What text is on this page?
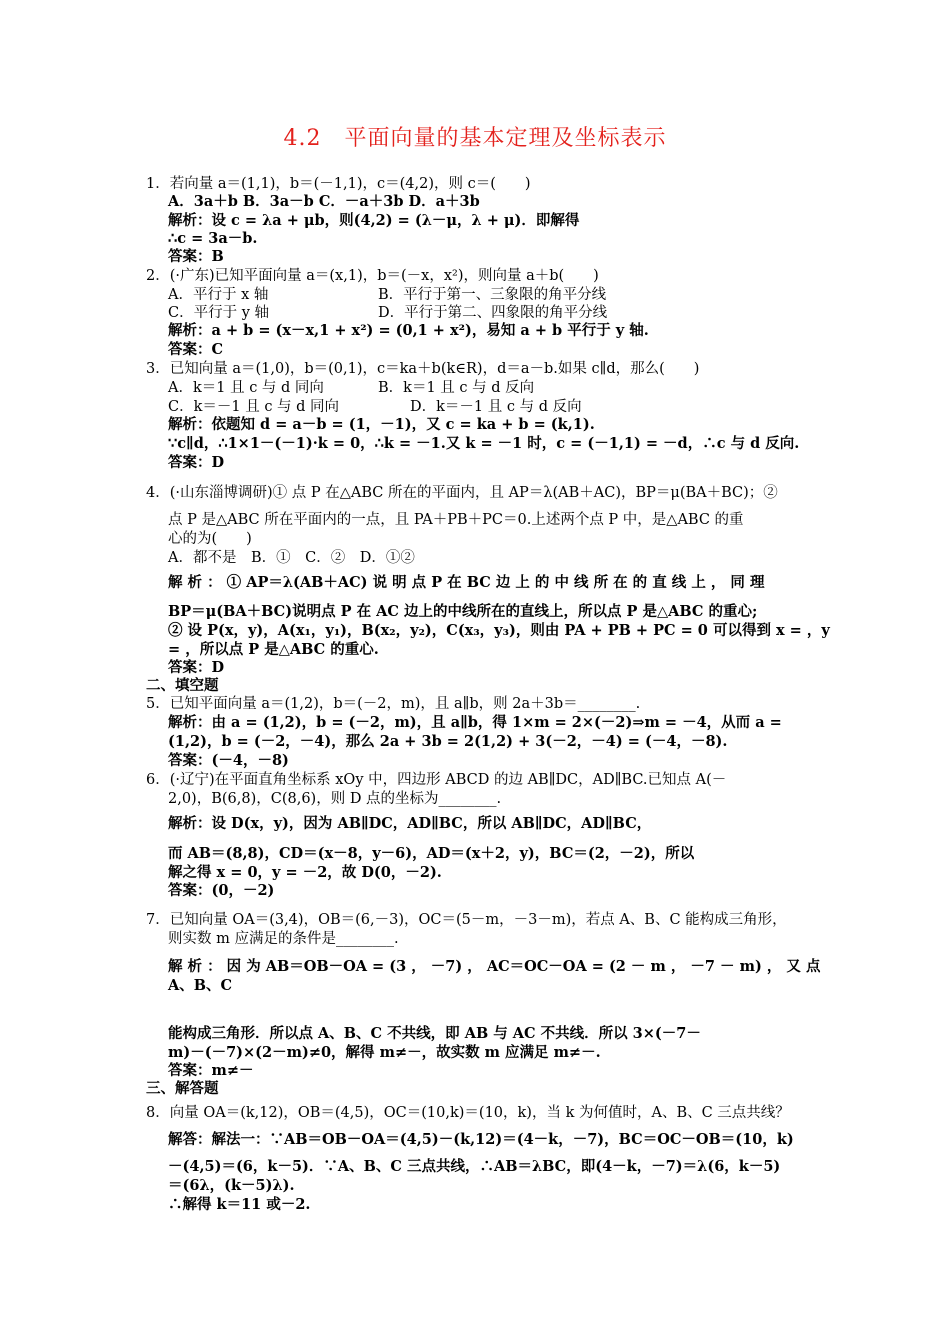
4.2　平面向量的基本定理及坐标表示
1．若向量 a＝(1,1)，b＝(－1,1)，c＝(4,2)，则 c＝(　　)
A．3a＋b B．3a－b C．－a＋3b D．a＋3b
解析：设 c = λa + μb，则(4,2) = (λ－μ，λ + μ)．即解得
∴c = 3a－b.
答案：B
2．(·广东)已知平面向量 a＝(x,1)，b＝(－x，x²)，则向量 a＋b(　　)
A．平行于 x 轴	B．平行于第一、三象限的角平分线
C．平行于 y 轴	D．平行于第二、四象限的角平分线
解析：a + b = (x－x,1 + x²) = (0,1 + x²)，易知 a + b 平行于 y 轴.
答案：C
3．已知向量 a＝(1,0)，b＝(0,1)，c＝ka＋b(k∈R)，d＝a－b.如果 c∥d，那么(　　)
A．k＝1 且 c 与 d 同向	B．k＝1 且 c 与 d 反向
C．k＝－1 且 c 与 d 同向	D．k＝－1 且 c 与 d 反向
解析：依题知 d = a－b = (1，－1)，又 c = ka + b = (k,1).
∵c∥d，∴1×1－(－1)·k = 0，∴k = －1.又 k = －1 时，c = (－1,1) = －d，∴c 与 d 反向.
答案：D
4．(·山东淄博调研)① 点 P 在△ABC 所在的平面内，且 AP＝λ(AB＋AC)，BP＝μ(BA＋BC)；②
点 P 是△ABC 所在平面内的一点，且 PA＋PB＋PC＝0.上述两个点 P 中，是△ABC 的重
心的为(　　)
A．都不是　B．①　C．②　D．①②
解 析 ： ① AP＝λ(AB＋AC) 说 明 点 P 在 BC 边 上 的 中 线 所 在 的 直 线 上 ， 同 理
BP＝μ(BA＋BC)说明点 P 在 AC 边上的中线所在的直线上，所以点 P 是△ABC 的重心;
② 设 P(x，y)，A(x₁，y₁)，B(x₂，y₂)，C(x₃，y₃)，则由 PA + PB + PC = 0 可以得到 x = ，y
= ，所以点 P 是△ABC 的重心.
答案：D
二、填空题
5．已知平面向量 a＝(1,2)，b＝(－2，m)，且 a∥b，则 2a＋3b＝________.
解析：由 a = (1,2)，b = (－2，m)，且 a∥b，得 1×m = 2×(－2)⇒m = －4，从而 a =
(1,2)，b = (－2，－4)，那么 2a + 3b = 2(1,2) + 3(－2，－4) = (－4，－8).
答案：(－4，－8)
6．(·辽宁)在平面直角坐标系 xOy 中，四边形 ABCD 的边 AB∥DC，AD∥BC.已知点 A(－
2,0)，B(6,8)，C(8,6)，则 D 点的坐标为________.
解析：设 D(x，y)，因为 AB∥DC，AD∥BC，所以 AB∥DC，AD∥BC，
而 AB＝(8,8)，CD＝(x－8，y－6)，AD＝(x＋2，y)，BC＝(2，－2)，所以
解之得 x = 0，y = －2，故 D(0，－2).
答案：(0，－2)
7．已知向量 OA＝(3,4)，OB＝(6,－3)，OC＝(5－m，－3－m)，若点 A、B、C 能构成三角形，
则实数 m 应满足的条件是________.
解 析 ： 因 为 AB＝OB－OA = (3 ， －7) ， AC＝OC－OA = (2 － m ， －7 － m) ， 又 点
A、B、C
能构成三角形．所以点 A、B、C 不共线，即 AB 与 AC 不共线．所以 3×(－7－
m)－(－7)×(2－m)≠0，解得 m≠－，故实数 m 应满足 m≠－.
答案：m≠－
三、解答题
8．向量 OA＝(k,12)，OB＝(4,5)，OC＝(10,k)＝(10，k)，当 k 为何值时，A、B、C 三点共线？
解答：解法一：∵AB＝OB－OA＝(4,5)－(k,12)＝(4－k，－7)，BC＝OC－OB＝(10，k)
－(4,5)＝(6，k－5)．∵A、B、C 三点共线，∴AB＝λBC，即(4－k，－7)＝λ(6，k－5)
＝(6λ，(k－5)λ).
∴解得 k＝11 或－2.
